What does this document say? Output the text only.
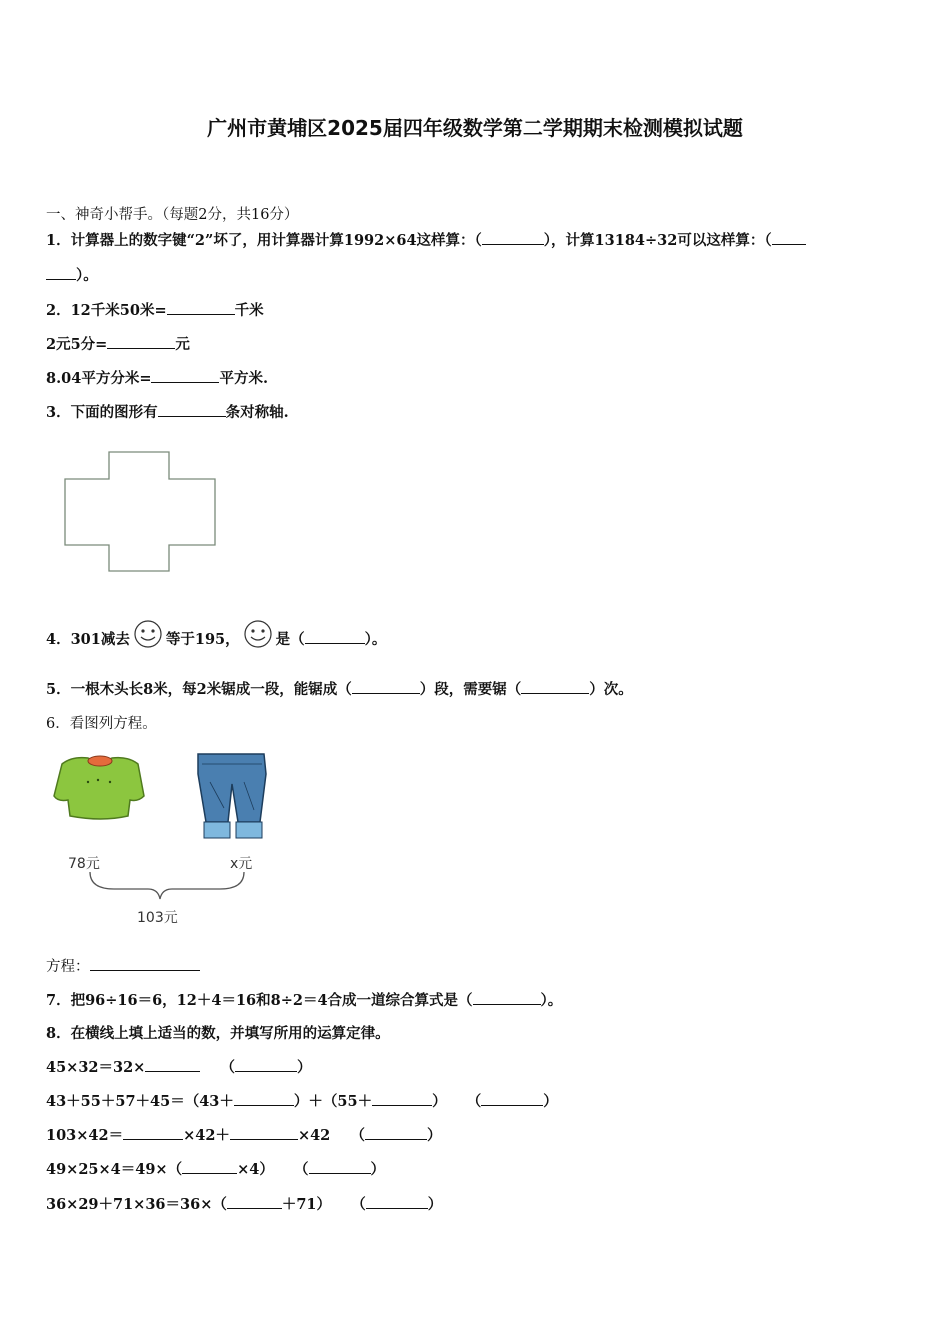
广州市黄埔区2025届四年级数学第二学期期末检测模拟试题
一、神奇小帮手。（每题2分，共16分）
1．计算器上的数字键“2”坏了，用计算器计算1992×64这样算：（	），计算13184÷32可以这样算：（
）。
2．12千米50米=	千米
2元5分=	元
8.04平方分米=	平方米.
3．下面的图形有	条对称轴.
4．301减去 等于195， 是（	）。
5．一根木头长8米，每2米锯成一段，能锯成（	）段，需要锯（	）次。
6．看图列方程。
78元	x元
103元
方程：
7．把96÷16＝6，12＋4＝16和8÷2＝4合成一道综合算式是（	）。
8．在横线上填上适当的数，并填写所用的运算定律。
45×32＝32×	（	）
43＋55＋57＋45＝（43＋	）＋（55＋	） （	）
103×42＝	×42＋	×42 （	）
49×25×4＝49×（	×4） （	）
36×29＋71×36＝36×（	＋71） （	）
